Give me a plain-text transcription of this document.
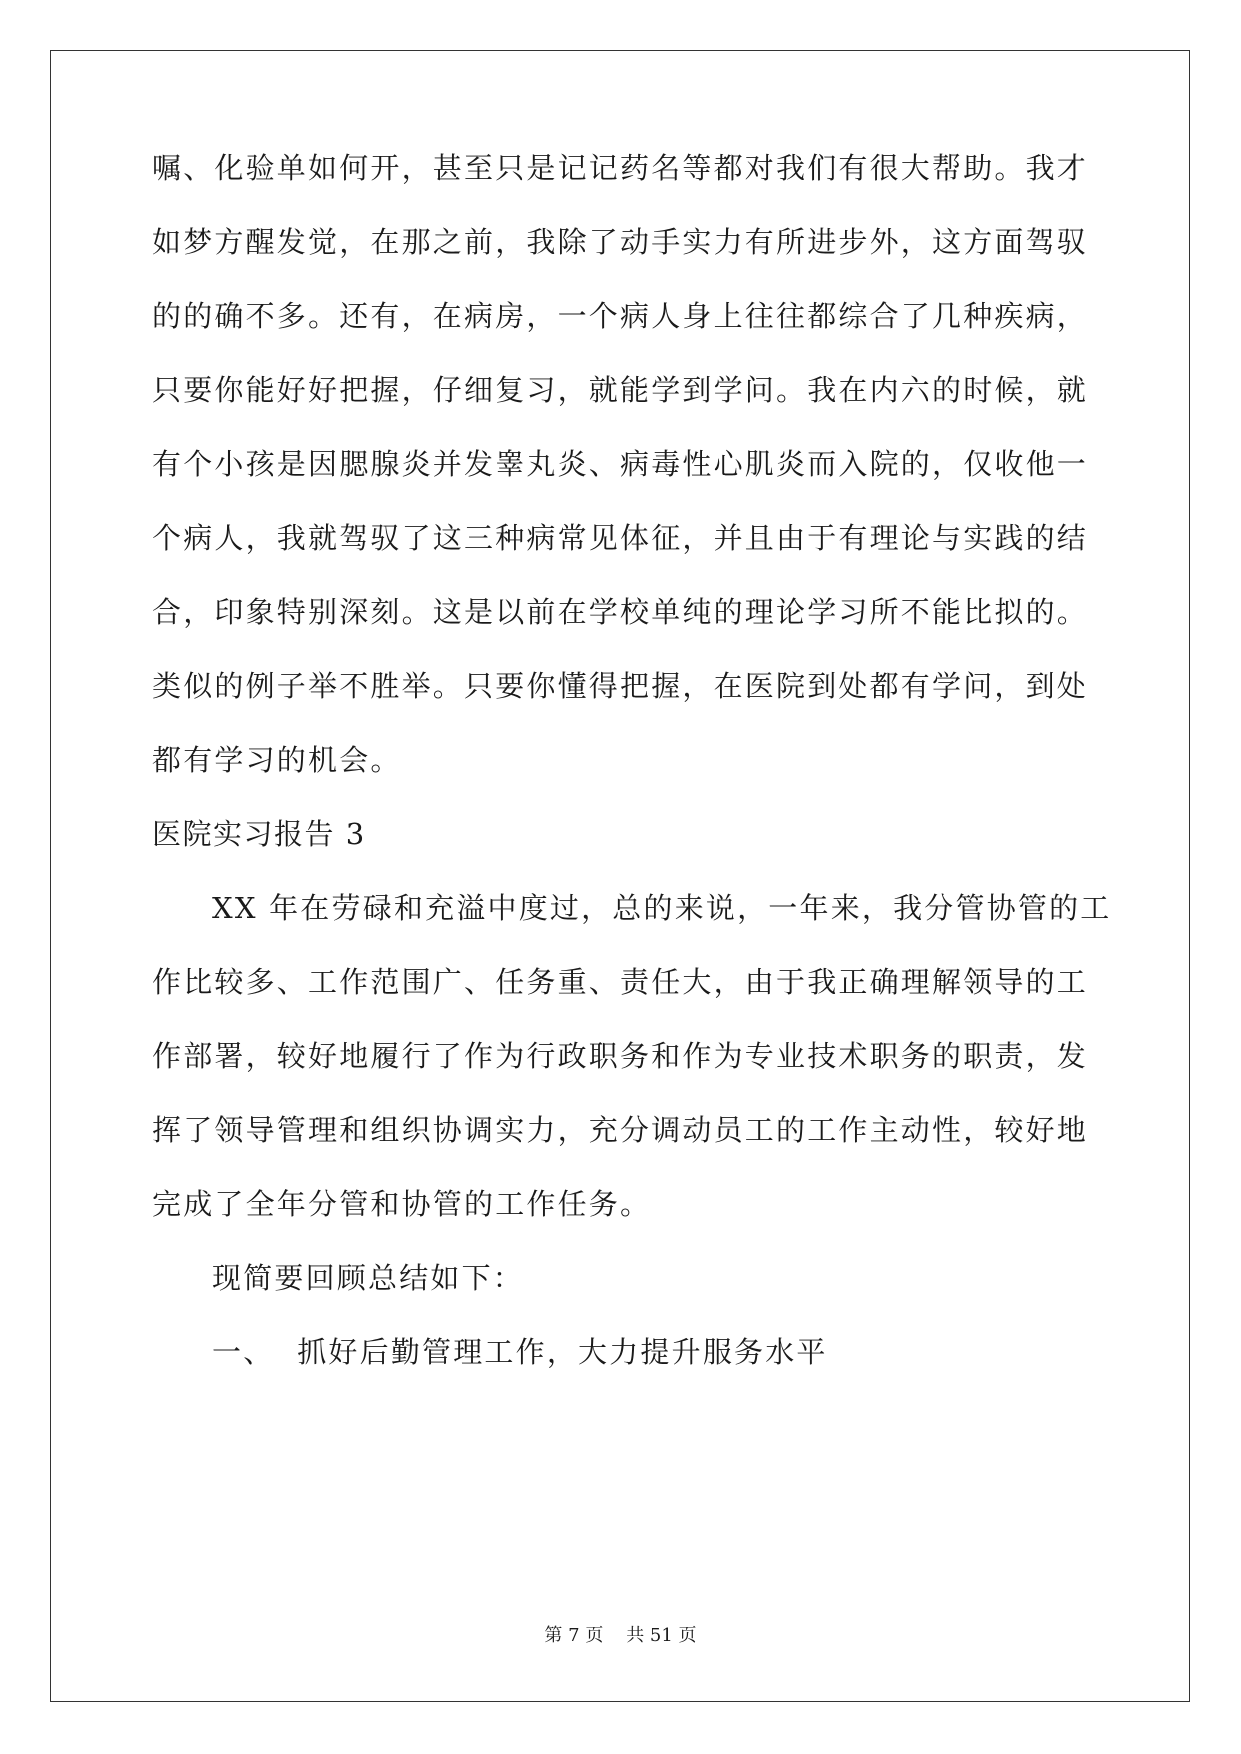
嘱、化验单如何开，甚至只是记记药名等都对我们有很大帮助。我才
如梦方醒发觉，在那之前，我除了动手实力有所进步外，这方面驾驭
的的确不多。还有，在病房，一个病人身上往往都综合了几种疾病，
只要你能好好把握，仔细复习，就能学到学问。我在内六的时候，就
有个小孩是因腮腺炎并发睾丸炎、病毒性心肌炎而入院的，仅收他一
个病人，我就驾驭了这三种病常见体征，并且由于有理论与实践的结
合，印象特别深刻。这是以前在学校单纯的理论学习所不能比拟的。
类似的例子举不胜举。只要你懂得把握，在医院到处都有学问，到处
都有学习的机会。
医院实习报告 3
XX 年在劳碌和充溢中度过，总的来说，一年来，我分管协管的工
作比较多、工作范围广、任务重、责任大，由于我正确理解领导的工
作部署，较好地履行了作为行政职务和作为专业技术职务的职责，发
挥了领导管理和组织协调实力，充分调动员工的工作主动性，较好地
完成了全年分管和协管的工作任务。
现简要回顾总结如下：
一、  抓好后勤管理工作，大力提升服务水平
第 7 页    共 51 页
